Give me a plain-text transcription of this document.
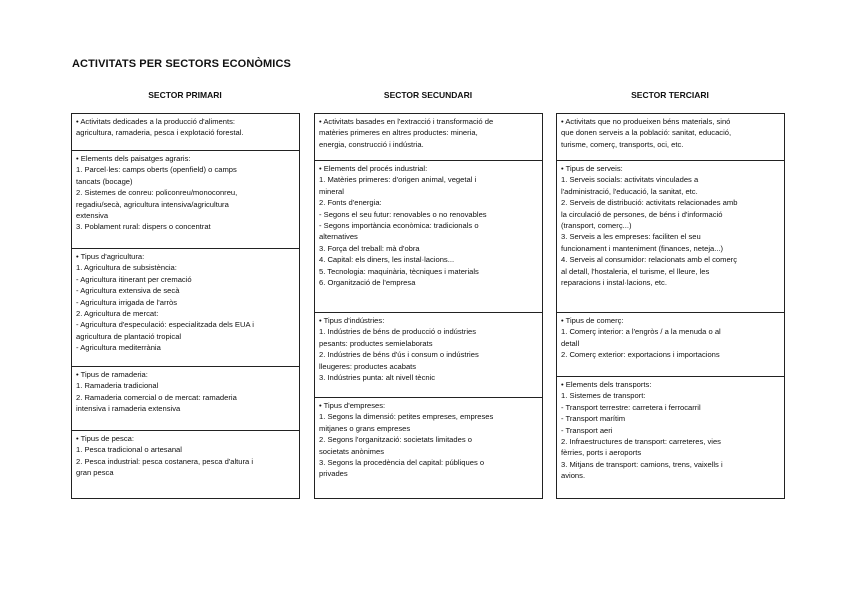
ACTIVITATS PER SECTORS ECONÒMICS
SECTOR PRIMARI
• Activitats dedicades a la producció d'aliments:
agricultura, ramaderia, pesca i explotació forestal.
• Elements dels paisatges agraris:
1. Parcel·les: camps oberts (openfield) o camps
tancats (bocage)
2. Sistemes de conreu: policonreu/monoconreu,
regadiu/secà, agricultura intensiva/agricultura
extensiva
3. Poblament rural: dispers o concentrat
• Tipus d'agricultura:
1. Agricultura de subsistència:
- Agricultura itinerant per cremació
- Agricultura extensiva de secà
- Agricultura irrigada de l'arròs
2. Agricultura de mercat:
- Agricultura d'especulació: especialitzada dels EUA i
agricultura de plantació tropical
- Agricultura mediterrània
• Tipus de ramaderia:
1. Ramaderia tradicional
2. Ramaderia comercial o de mercat: ramaderia
intensiva i ramaderia extensiva
• Tipus de pesca:
1. Pesca tradicional o artesanal
2. Pesca industrial: pesca costanera, pesca d'altura i
gran pesca
SECTOR SECUNDARI
• Activitats basades en l'extracció i transformació de
matèries primeres en altres productes: mineria,
energia, construcció i indústria.
• Elements del procés industrial:
1. Matèries primeres: d'origen animal, vegetal i
mineral
2. Fonts d'energia:
- Segons el seu futur: renovables o no renovables
- Segons importància econòmica: tradicionals o
alternatives
3. Força del treball: mà d'obra
4. Capital: els diners, les instal·lacions...
5. Tecnologia: maquinària, tècniques i materials
6. Organització de l'empresa
• Tipus d'indústries:
1. Indústries de béns de producció o indústries
pesants: productes semielaborats
2. Indústries de béns d'ús i consum o indústries
lleugeres: productes acabats
3. Indústries punta: alt nivell tècnic
• Tipus d'empreses:
1. Segons la dimensió: petites empreses, empreses
mitjanes o grans empreses
2. Segons l'organització: societats limitades o
societats anònimes
3. Segons la procedència del capital: públiques o
privades
SECTOR TERCIARI
• Activitats que no produeixen béns materials, sinó
que donen serveis a la població: sanitat, educació,
turisme, comerç, transports, oci, etc.
• Tipus de serveis:
1. Serveis socials: activitats vinculades a
l'administració, l'educació, la sanitat, etc.
2. Serveis de distribució: activitats relacionades amb
la circulació de persones, de béns i d'informació
(transport, comerç...)
3. Serveis a les empreses: faciliten el seu
funcionament i manteniment (finances, neteja...)
4. Serveis al consumidor: relacionats amb el comerç
al detall, l'hostaleria, el turisme, el lleure, les
reparacions i instal·lacions, etc.
• Tipus de comerç:
1. Comerç interior: a l'engròs / a la menuda o al
detall
2. Comerç exterior: exportacions i importacions
• Elements dels transports:
1. Sistemes de transport:
- Transport terrestre: carretera i ferrocarril
- Transport marítim
- Transport aeri
2. Infraestructures de transport: carreteres, vies
fèrries, ports i aeroports
3. Mitjans de transport: camions, trens, vaixells i
avions.
